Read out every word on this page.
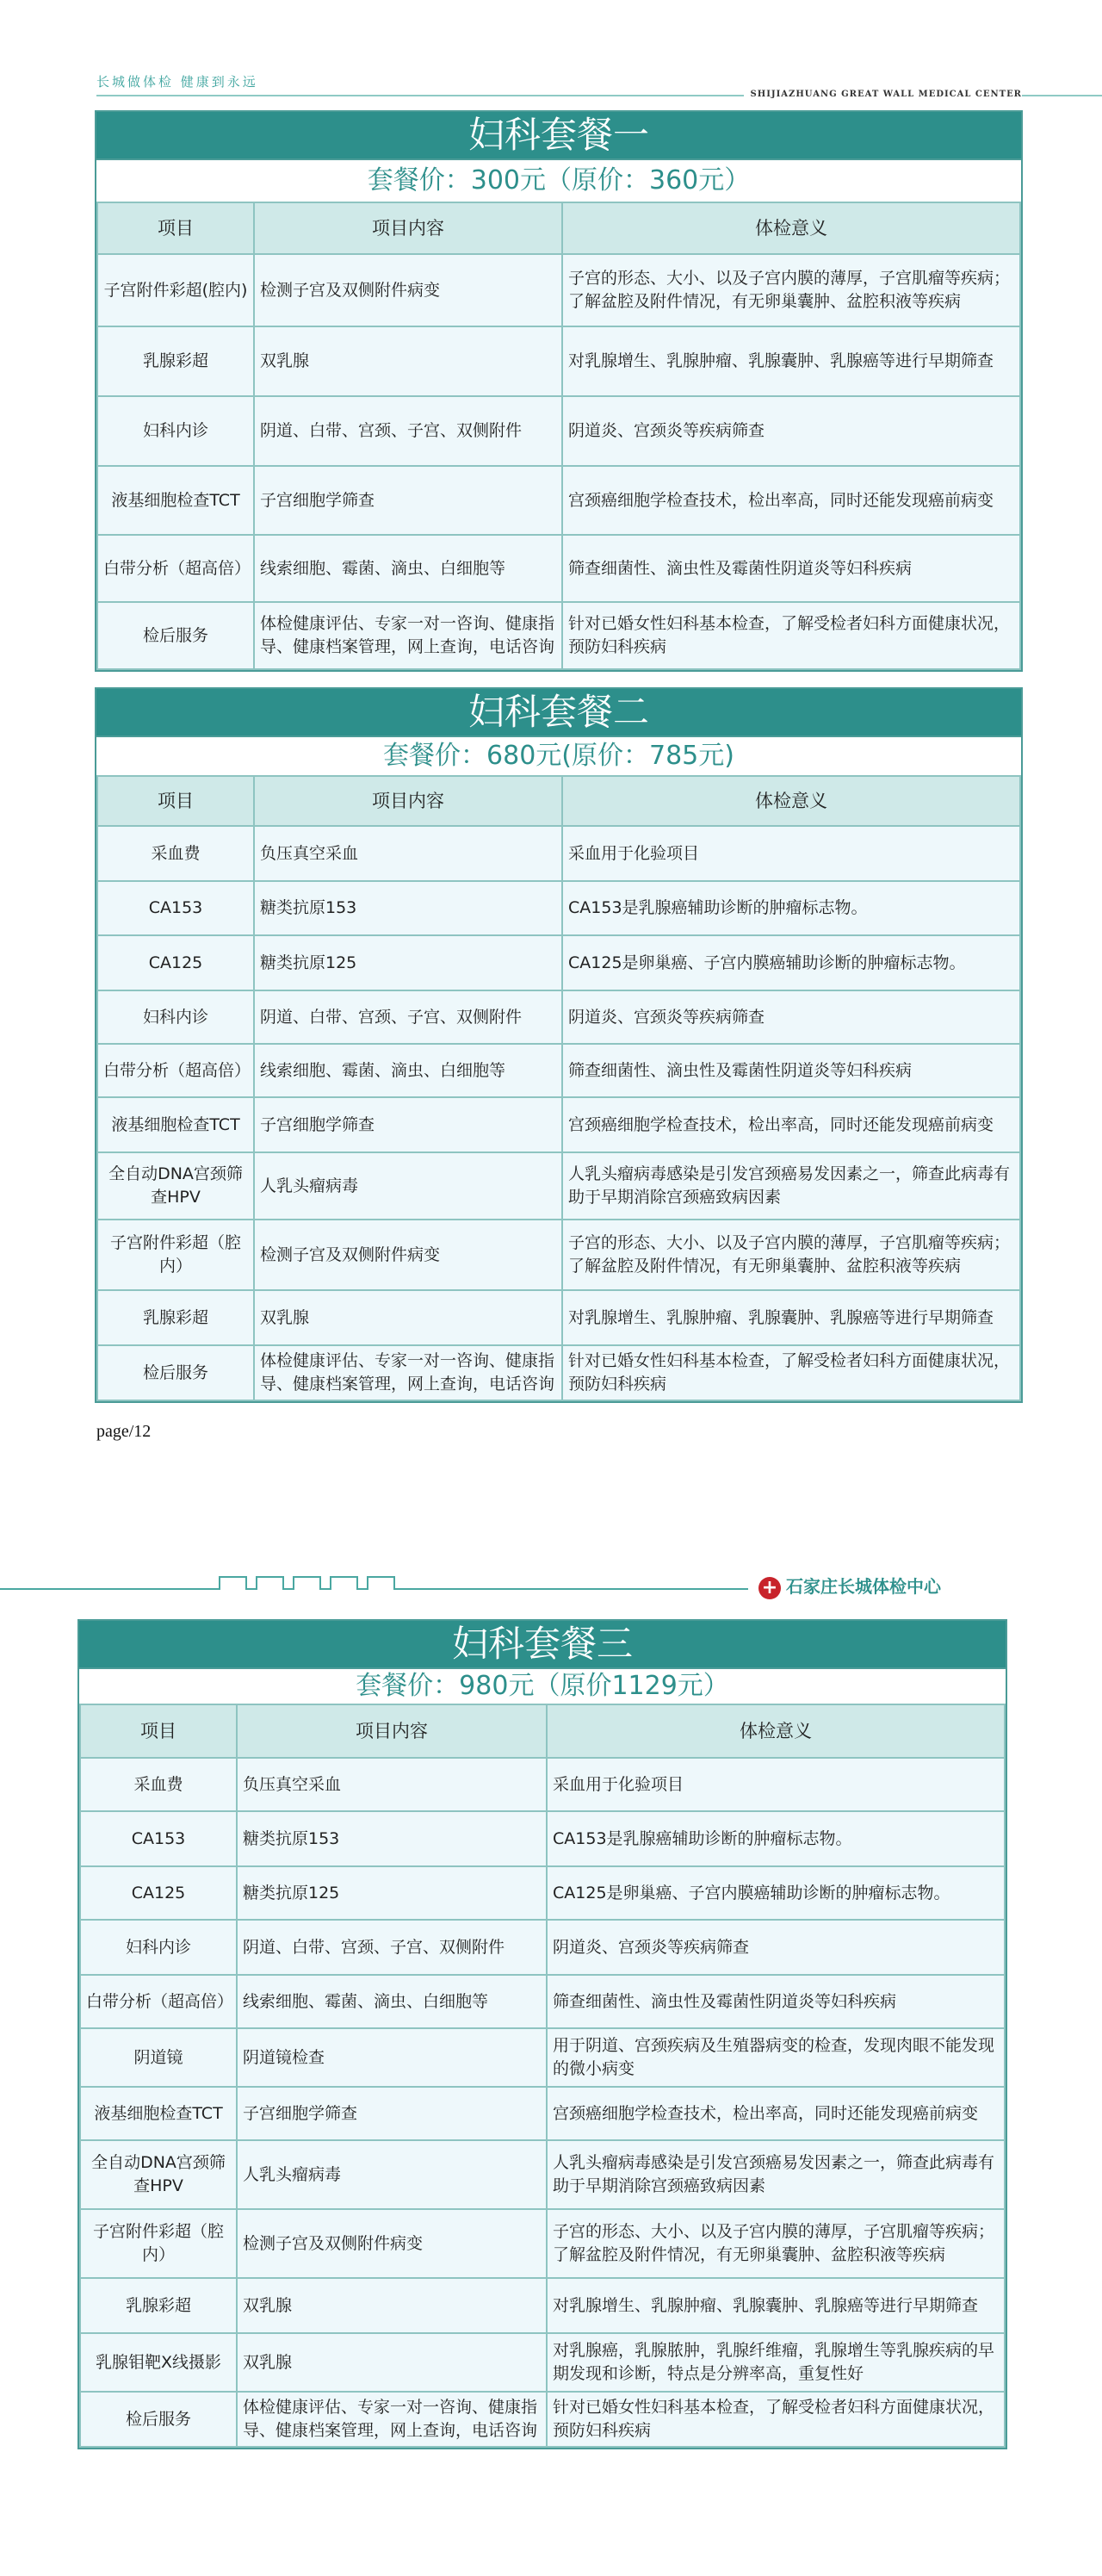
长城做体检 健康到永远
SHIJIAZHUANG GREAT WALL MEDICAL CENTER
妇科套餐一
套餐价：300元（原价：360元）
项目	项目内容	体检意义
子宫附件彩超(腔内)	检测子宫及双侧附件病变	子宫的形态、大小、以及子宫内膜的薄厚，子宫肌瘤等疾病；了解盆腔及附件情况，有无卵巢囊肿、盆腔积液等疾病
乳腺彩超	双乳腺	对乳腺增生、乳腺肿瘤、乳腺囊肿、乳腺癌等进行早期筛查
妇科内诊	阴道、白带、宫颈、子宫、双侧附件	阴道炎、宫颈炎等疾病筛查
液基细胞检查TCT	子宫细胞学筛查	宫颈癌细胞学检查技术，检出率高，同时还能发现癌前病变
白带分析（超高倍）	线索细胞、霉菌、滴虫、白细胞等	筛查细菌性、滴虫性及霉菌性阴道炎等妇科疾病
检后服务	体检健康评估、专家一对一咨询、健康指导、健康档案管理，网上查询，电话咨询	针对已婚女性妇科基本检查，了解受检者妇科方面健康状况，预防妇科疾病
妇科套餐二
套餐价：680元(原价：785元)
项目	项目内容	体检意义
采血费	负压真空采血	采血用于化验项目
CA153	糖类抗原153	CA153是乳腺癌辅助诊断的肿瘤标志物。
CA125	糖类抗原125	CA125是卵巢癌、子宫内膜癌辅助诊断的肿瘤标志物。
妇科内诊	阴道、白带、宫颈、子宫、双侧附件	阴道炎、宫颈炎等疾病筛查
白带分析（超高倍）	线索细胞、霉菌、滴虫、白细胞等	筛查细菌性、滴虫性及霉菌性阴道炎等妇科疾病
液基细胞检查TCT	子宫细胞学筛查	宫颈癌细胞学检查技术，检出率高，同时还能发现癌前病变
全自动DNA宫颈筛查HPV	人乳头瘤病毒	人乳头瘤病毒感染是引发宫颈癌易发因素之一，筛查此病毒有助于早期消除宫颈癌致病因素
子宫附件彩超（腔内）	检测子宫及双侧附件病变	子宫的形态、大小、以及子宫内膜的薄厚，子宫肌瘤等疾病；了解盆腔及附件情况，有无卵巢囊肿、盆腔积液等疾病
乳腺彩超	双乳腺	对乳腺增生、乳腺肿瘤、乳腺囊肿、乳腺癌等进行早期筛查
检后服务	体检健康评估、专家一对一咨询、健康指导、健康档案管理，网上查询，电话咨询	针对已婚女性妇科基本检查，了解受检者妇科方面健康状况，预防妇科疾病
page/12
+ 石家庄长城体检中心
妇科套餐三
套餐价：980元（原价1129元）
项目	项目内容	体检意义
采血费	负压真空采血	采血用于化验项目
CA153	糖类抗原153	CA153是乳腺癌辅助诊断的肿瘤标志物。
CA125	糖类抗原125	CA125是卵巢癌、子宫内膜癌辅助诊断的肿瘤标志物。
妇科内诊	阴道、白带、宫颈、子宫、双侧附件	阴道炎、宫颈炎等疾病筛查
白带分析（超高倍）	线索细胞、霉菌、滴虫、白细胞等	筛查细菌性、滴虫性及霉菌性阴道炎等妇科疾病
阴道镜	阴道镜检查	用于阴道、宫颈疾病及生殖器病变的检查，发现肉眼不能发现的微小病变
液基细胞检查TCT	子宫细胞学筛查	宫颈癌细胞学检查技术，检出率高，同时还能发现癌前病变
全自动DNA宫颈筛查HPV	人乳头瘤病毒	人乳头瘤病毒感染是引发宫颈癌易发因素之一，筛查此病毒有助于早期消除宫颈癌致病因素
子宫附件彩超（腔内）	检测子宫及双侧附件病变	子宫的形态、大小、以及子宫内膜的薄厚，子宫肌瘤等疾病；了解盆腔及附件情况，有无卵巢囊肿、盆腔积液等疾病
乳腺彩超	双乳腺	对乳腺增生、乳腺肿瘤、乳腺囊肿、乳腺癌等进行早期筛查
乳腺钼靶X线摄影	双乳腺	对乳腺癌，乳腺脓肿，乳腺纤维瘤，乳腺增生等乳腺疾病的早期发现和诊断，特点是分辨率高，重复性好
检后服务	体检健康评估、专家一对一咨询、健康指导、健康档案管理，网上查询，电话咨询	针对已婚女性妇科基本检查，了解受检者妇科方面健康状况，预防妇科疾病
